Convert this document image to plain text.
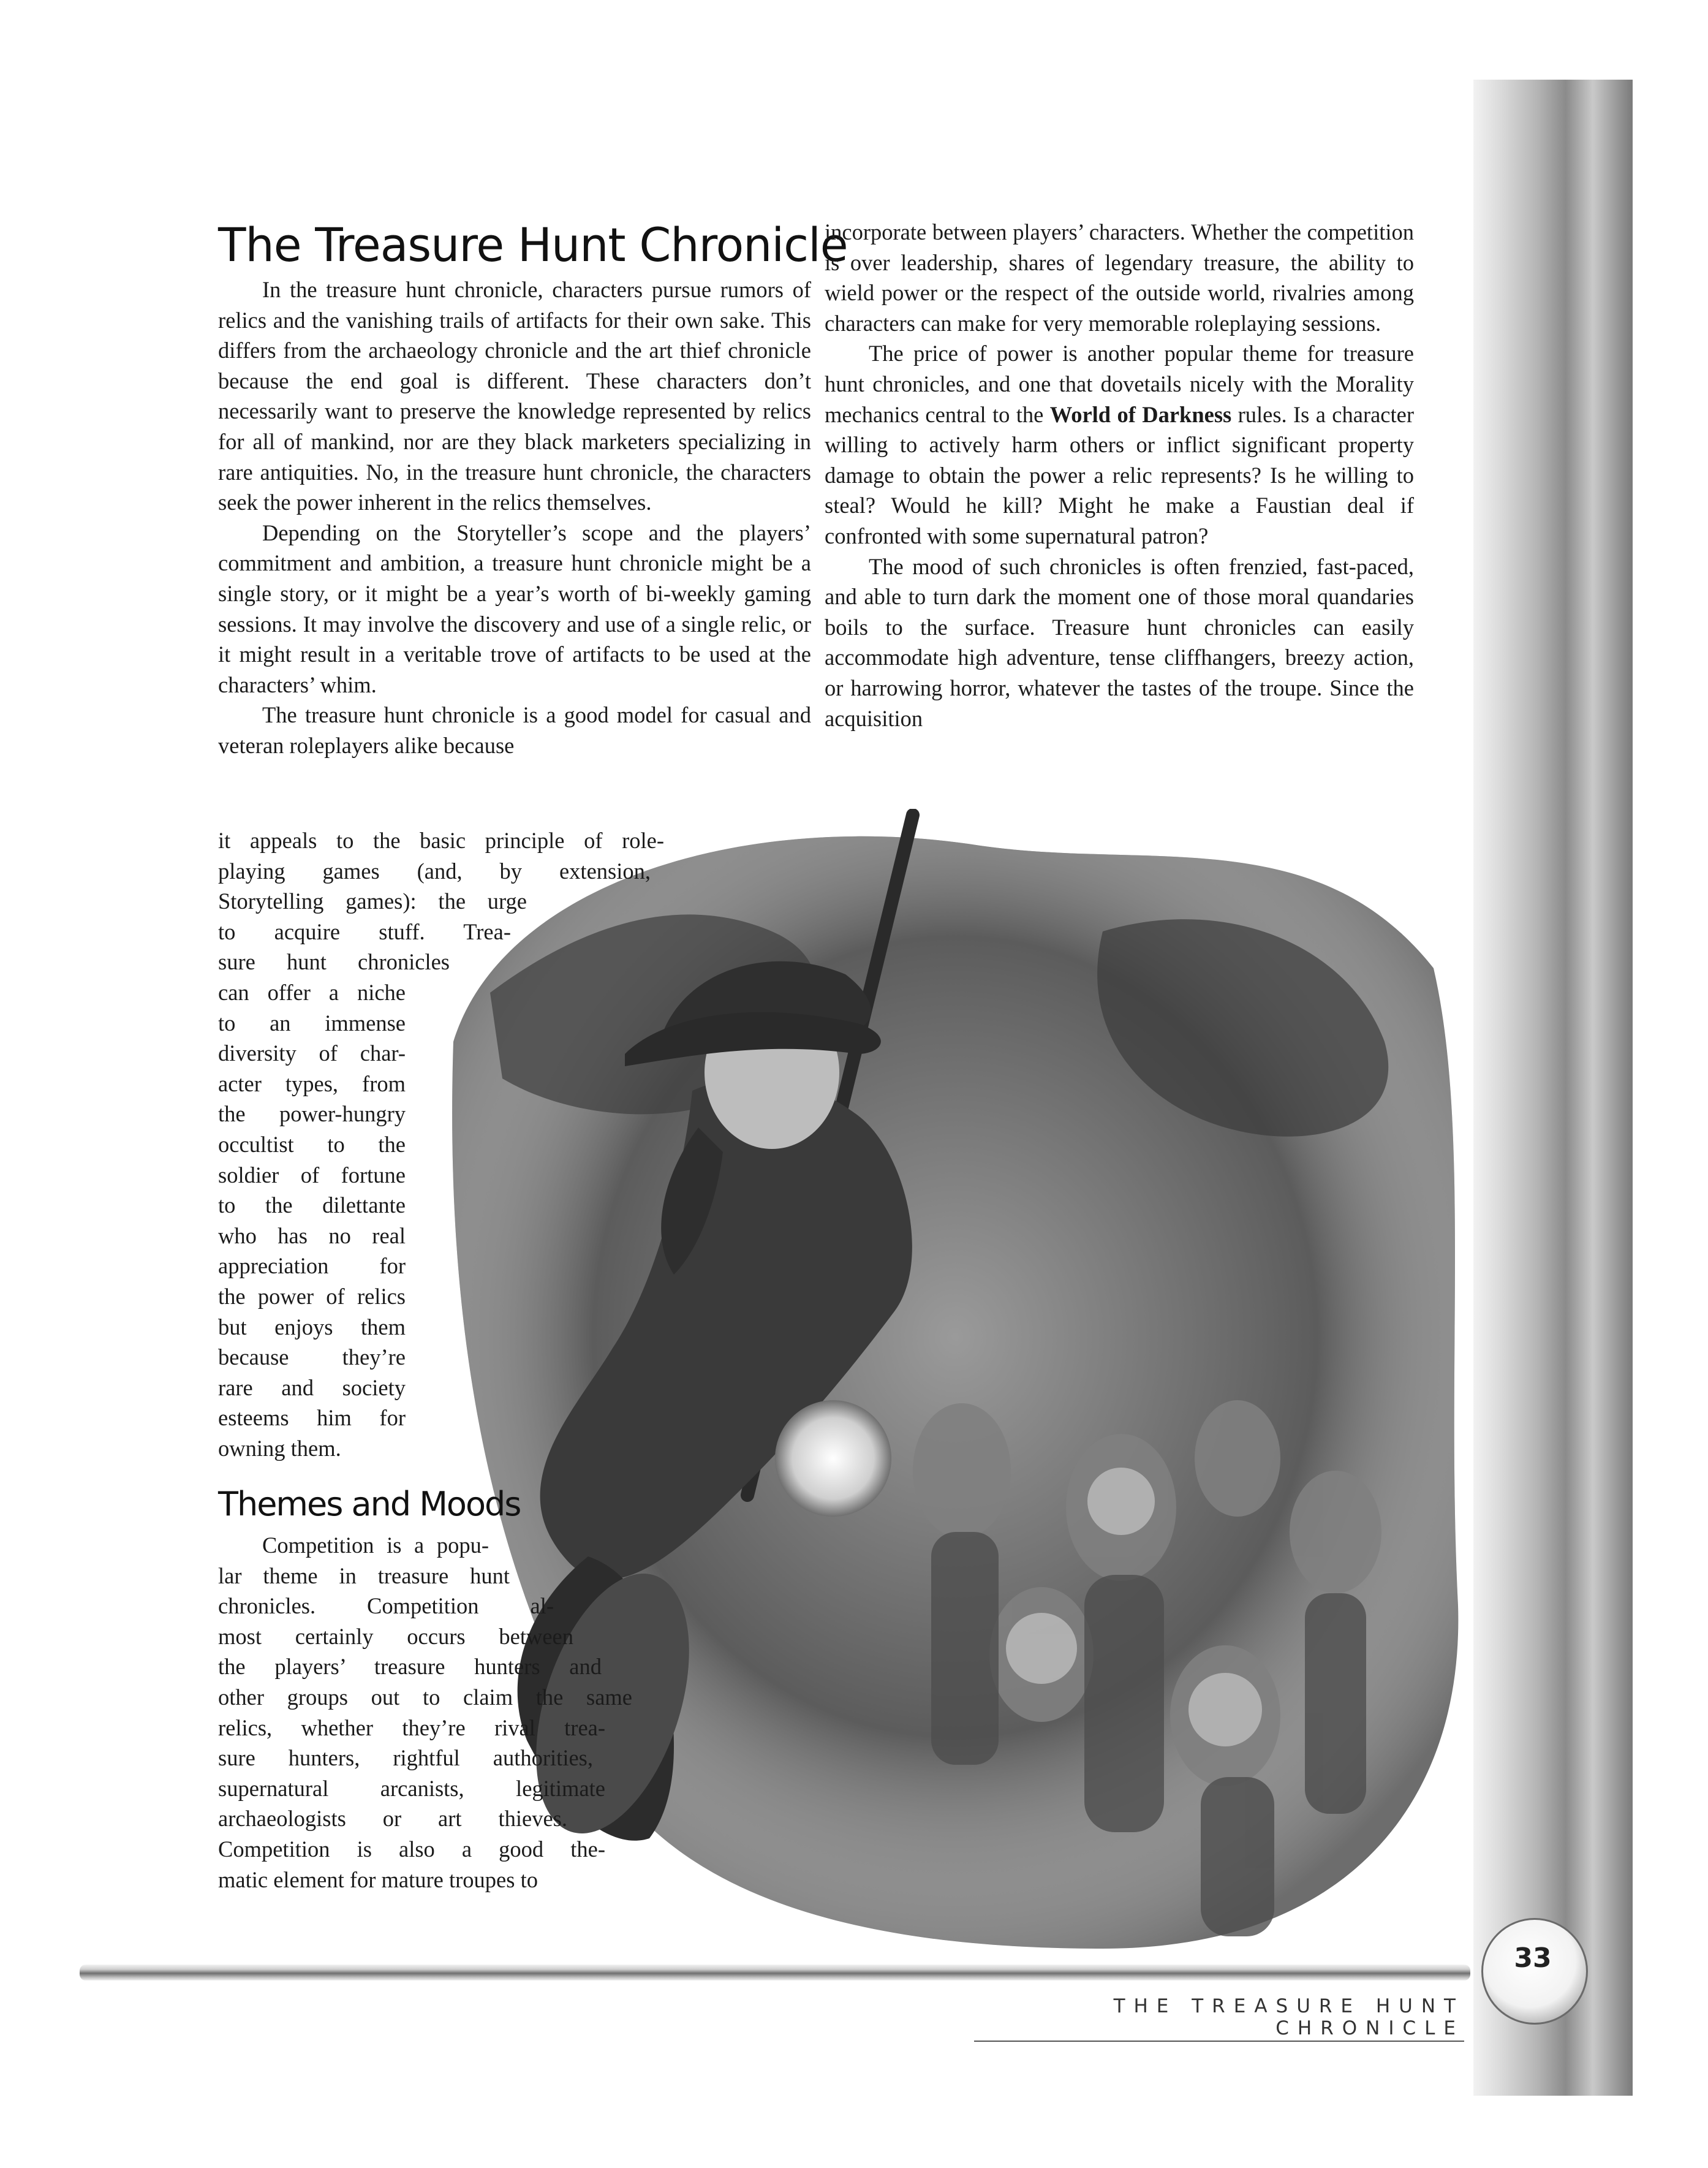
The Treasure Hunt Chronicle

In the treasure hunt chronicle, characters pursue rumors of relics and the vanishing trails of artifacts for their own sake. This differs from the archaeology chronicle and the art thief chronicle because the end goal is different. These characters don’t necessarily want to preserve the knowledge represented by relics for all of mankind, nor are they black marketers specializing in rare antiquities. No, in the treasure hunt chronicle, the characters seek the power inherent in the relics themselves.

Depending on the Storyteller’s scope and the players’ commitment and ambition, a treasure hunt chronicle might be a single story, or it might be a year’s worth of bi-weekly gaming sessions. It may involve the discovery and use of a single relic, or it might result in a veritable trove of artifacts to be used at the characters’ whim.

The treasure hunt chronicle is a good model for casual and veteran roleplayers alike because

it appeals to the basic principle of role-
playing games (and, by extension,
Storytelling games): the urge
to acquire stuff. Trea-
sure hunt chronicles
can offer a niche
to an immense
diversity of char-
acter types, from
the power-hungry
occultist to the
soldier of fortune
to the dilettante
who has no real
appreciation for
the power of relics
but enjoys them
because they’re
rare and society
esteems him for
owning them.
Themes and Moods
Competition is a popu-
lar theme in treasure hunt
chronicles. Competition al-
most certainly occurs between
the players’ treasure hunters and
other groups out to claim the same
relics, whether they’re rival trea-
sure hunters, rightful authorities,
supernatural arcanists, legitimate
archaeologists or art thieves.
Competition is also a good the-
matic element for mature troupes to

incorporate between players’ characters. Whether the competition is over leadership, shares of legendary treasure, the ability to wield power or the respect of the outside world, rivalries among characters can make for very memorable roleplaying sessions.

The price of power is another popular theme for treasure hunt chronicles, and one that dovetails nicely with the Morality mechanics central to the World of Darkness rules. Is a character willing to actively harm others or inflict significant property damage to obtain the power a relic represents? Is he willing to steal? Would he kill? Might he make a Faustian deal if confronted with some supernatural patron?

The mood of such chronicles is often frenzied, fast-paced, and able to turn dark the moment one of those moral quandaries boils to the surface. Treasure hunt chronicles can easily accommodate high adventure, tense cliffhangers, breezy action, or harrowing horror, whatever the tastes of the troupe. Since the acquisition

THE TREASURE HUNT CHRONICLE
33
